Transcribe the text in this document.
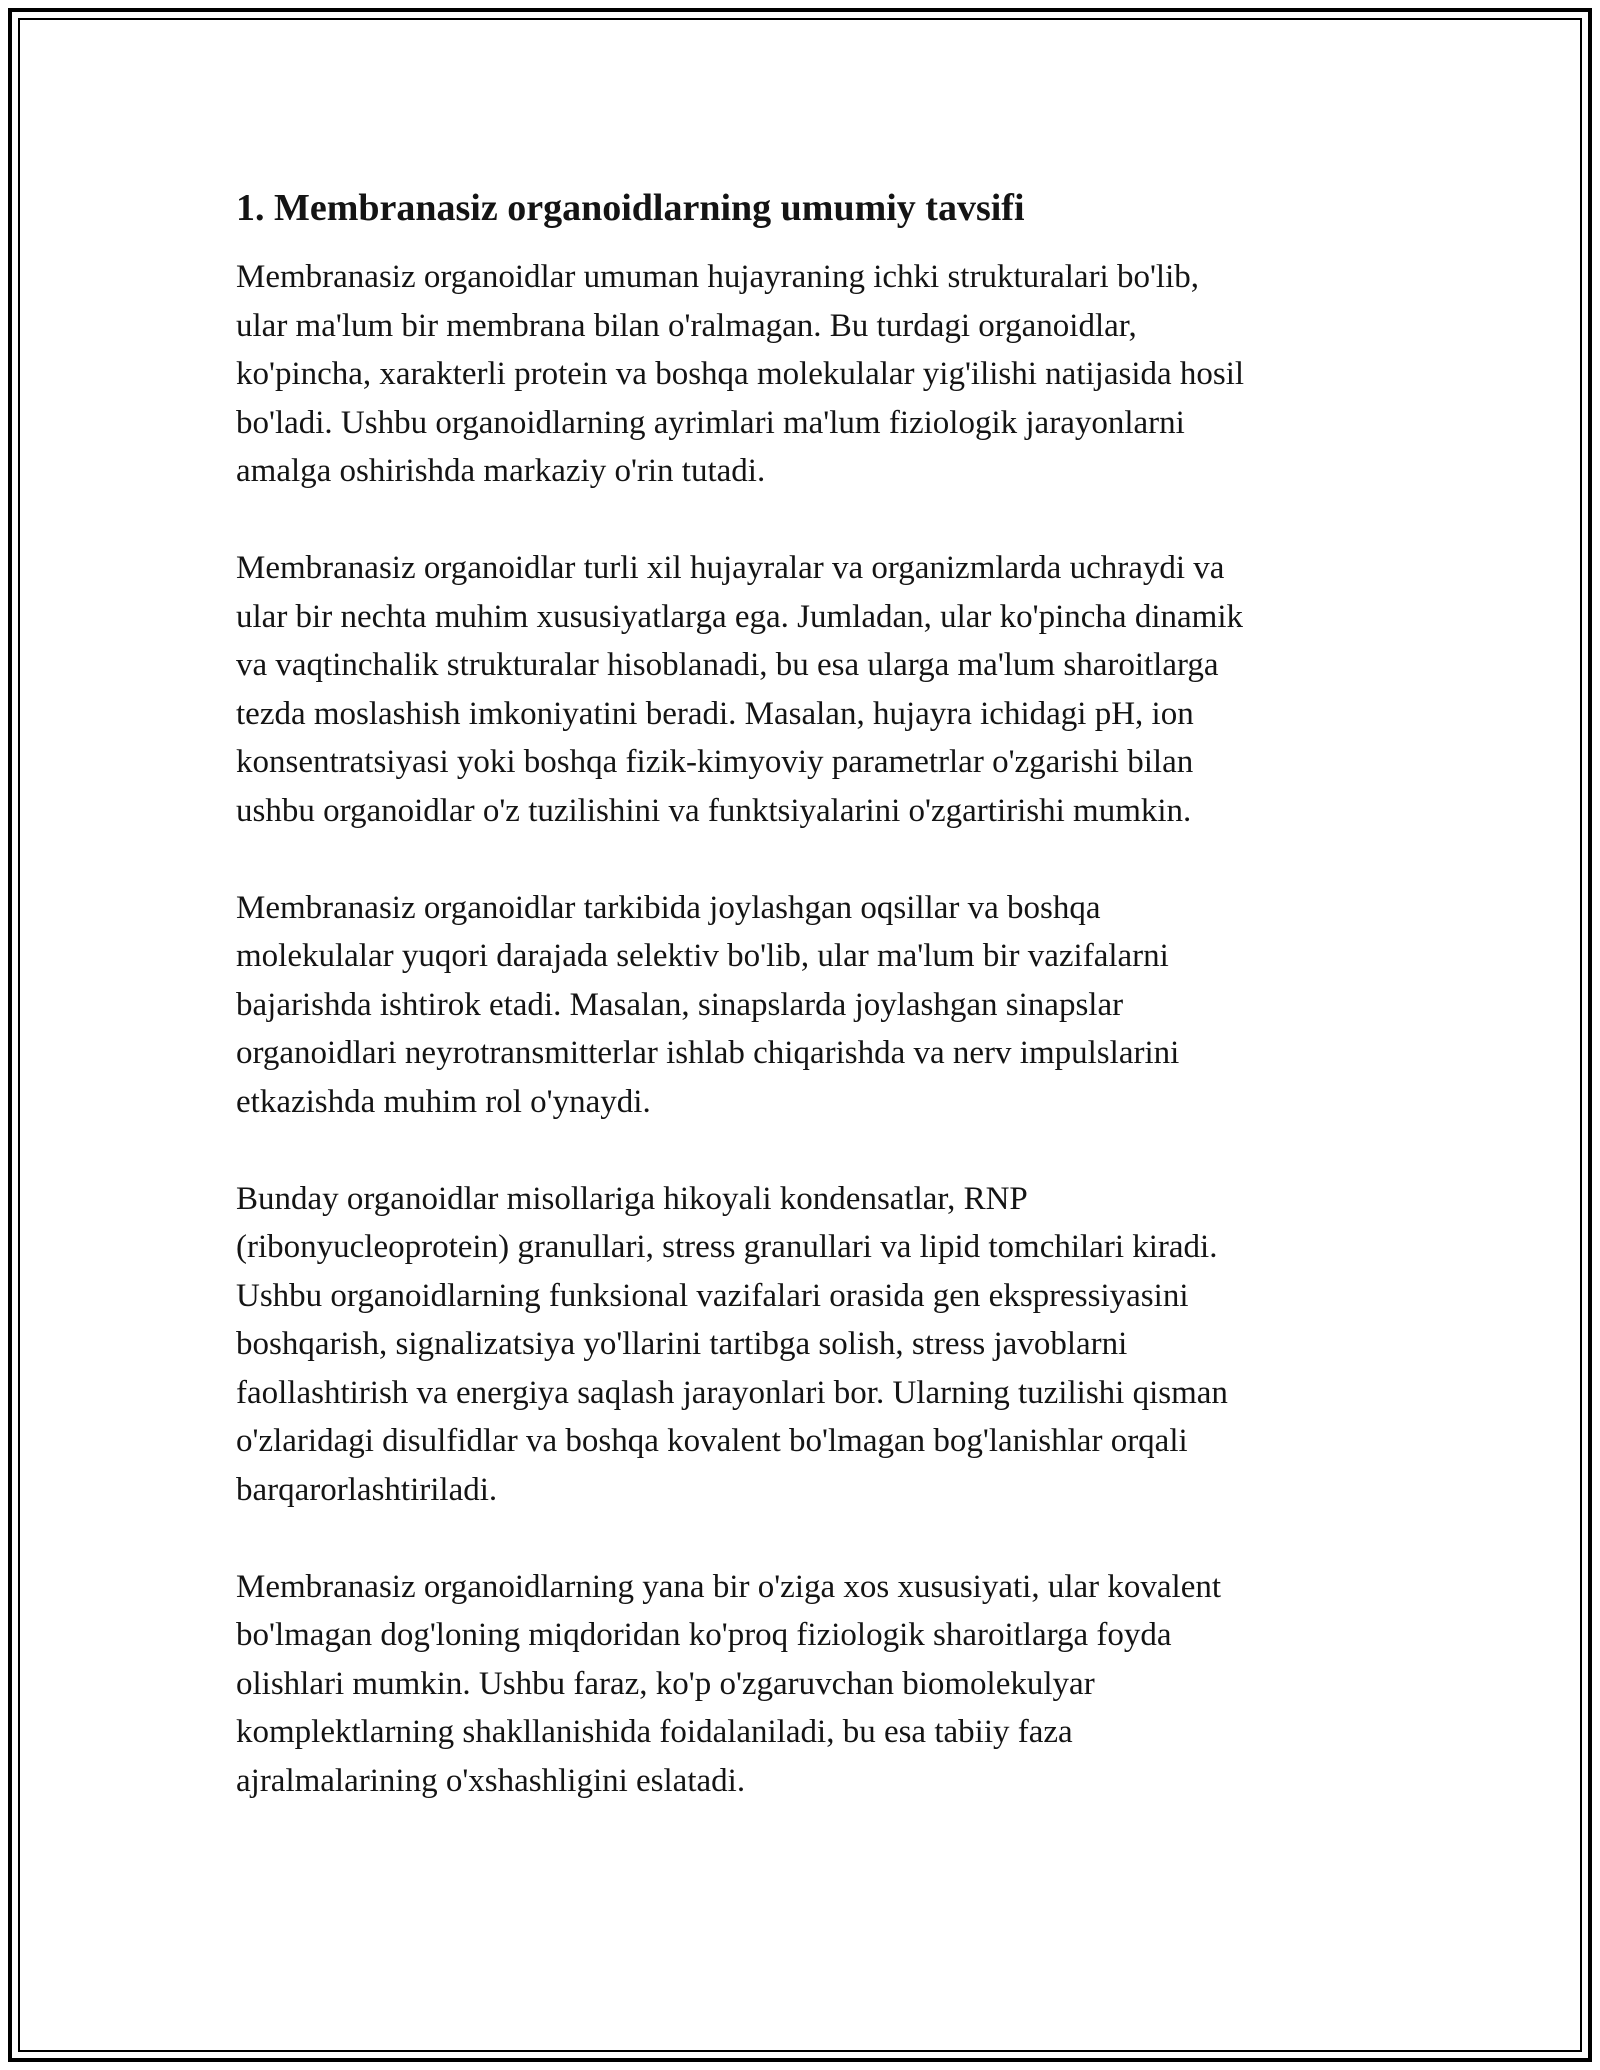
1. Membranasiz organoidlarning umumiy tavsifi

Membranasiz organoidlar umuman hujayraning ichki strukturalari bo'lib,
ular ma'lum bir membrana bilan o'ralmagan. Bu turdagi organoidlar,
ko'pincha, xarakterli protein va boshqa molekulalar yig'ilishi natijasida hosil
bo'ladi. Ushbu organoidlarning ayrimlari ma'lum fiziologik jarayonlarni
amalga oshirishda markaziy o'rin tutadi.

Membranasiz organoidlar turli xil hujayralar va organizmlarda uchraydi va
ular bir nechta muhim xususiyatlarga ega. Jumladan, ular ko'pincha dinamik
va vaqtinchalik strukturalar hisoblanadi, bu esa ularga ma'lum sharoitlarga
tezda moslashish imkoniyatini beradi. Masalan, hujayra ichidagi pH, ion
konsentratsiyasi yoki boshqa fizik-kimyoviy parametrlar o'zgarishi bilan
ushbu organoidlar o'z tuzilishini va funktsiyalarini o'zgartirishi mumkin.

Membranasiz organoidlar tarkibida joylashgan oqsillar va boshqa
molekulalar yuqori darajada selektiv bo'lib, ular ma'lum bir vazifalarni
bajarishda ishtirok etadi. Masalan, sinapslarda joylashgan sinapslar
organoidlari neyrotransmitterlar ishlab chiqarishda va nerv impulslarini
etkazishda muhim rol o'ynaydi.

Bunday organoidlar misollariga hikoyali kondensatlar, RNP
(ribonyucleoprotein) granullari, stress granullari va lipid tomchilari kiradi.
Ushbu organoidlarning funksional vazifalari orasida gen ekspressiyasini
boshqarish, signalizatsiya yo'llarini tartibga solish, stress javoblarni
faollashtirish va energiya saqlash jarayonlari bor. Ularning tuzilishi qisman
o'zlaridagi disulfidlar va boshqa kovalent bo'lmagan bog'lanishlar orqali
barqarorlashtiriladi.

Membranasiz organoidlarning yana bir o'ziga xos xususiyati, ular kovalent
bo'lmagan dog'loning miqdoridan ko'proq fiziologik sharoitlarga foyda
olishlari mumkin. Ushbu faraz, ko'p o'zgaruvchan biomolekulyar
komplektlarning shakllanishida foidalaniladi, bu esa tabiiy faza
ajralmalarining o'xshashligini eslatadi.
